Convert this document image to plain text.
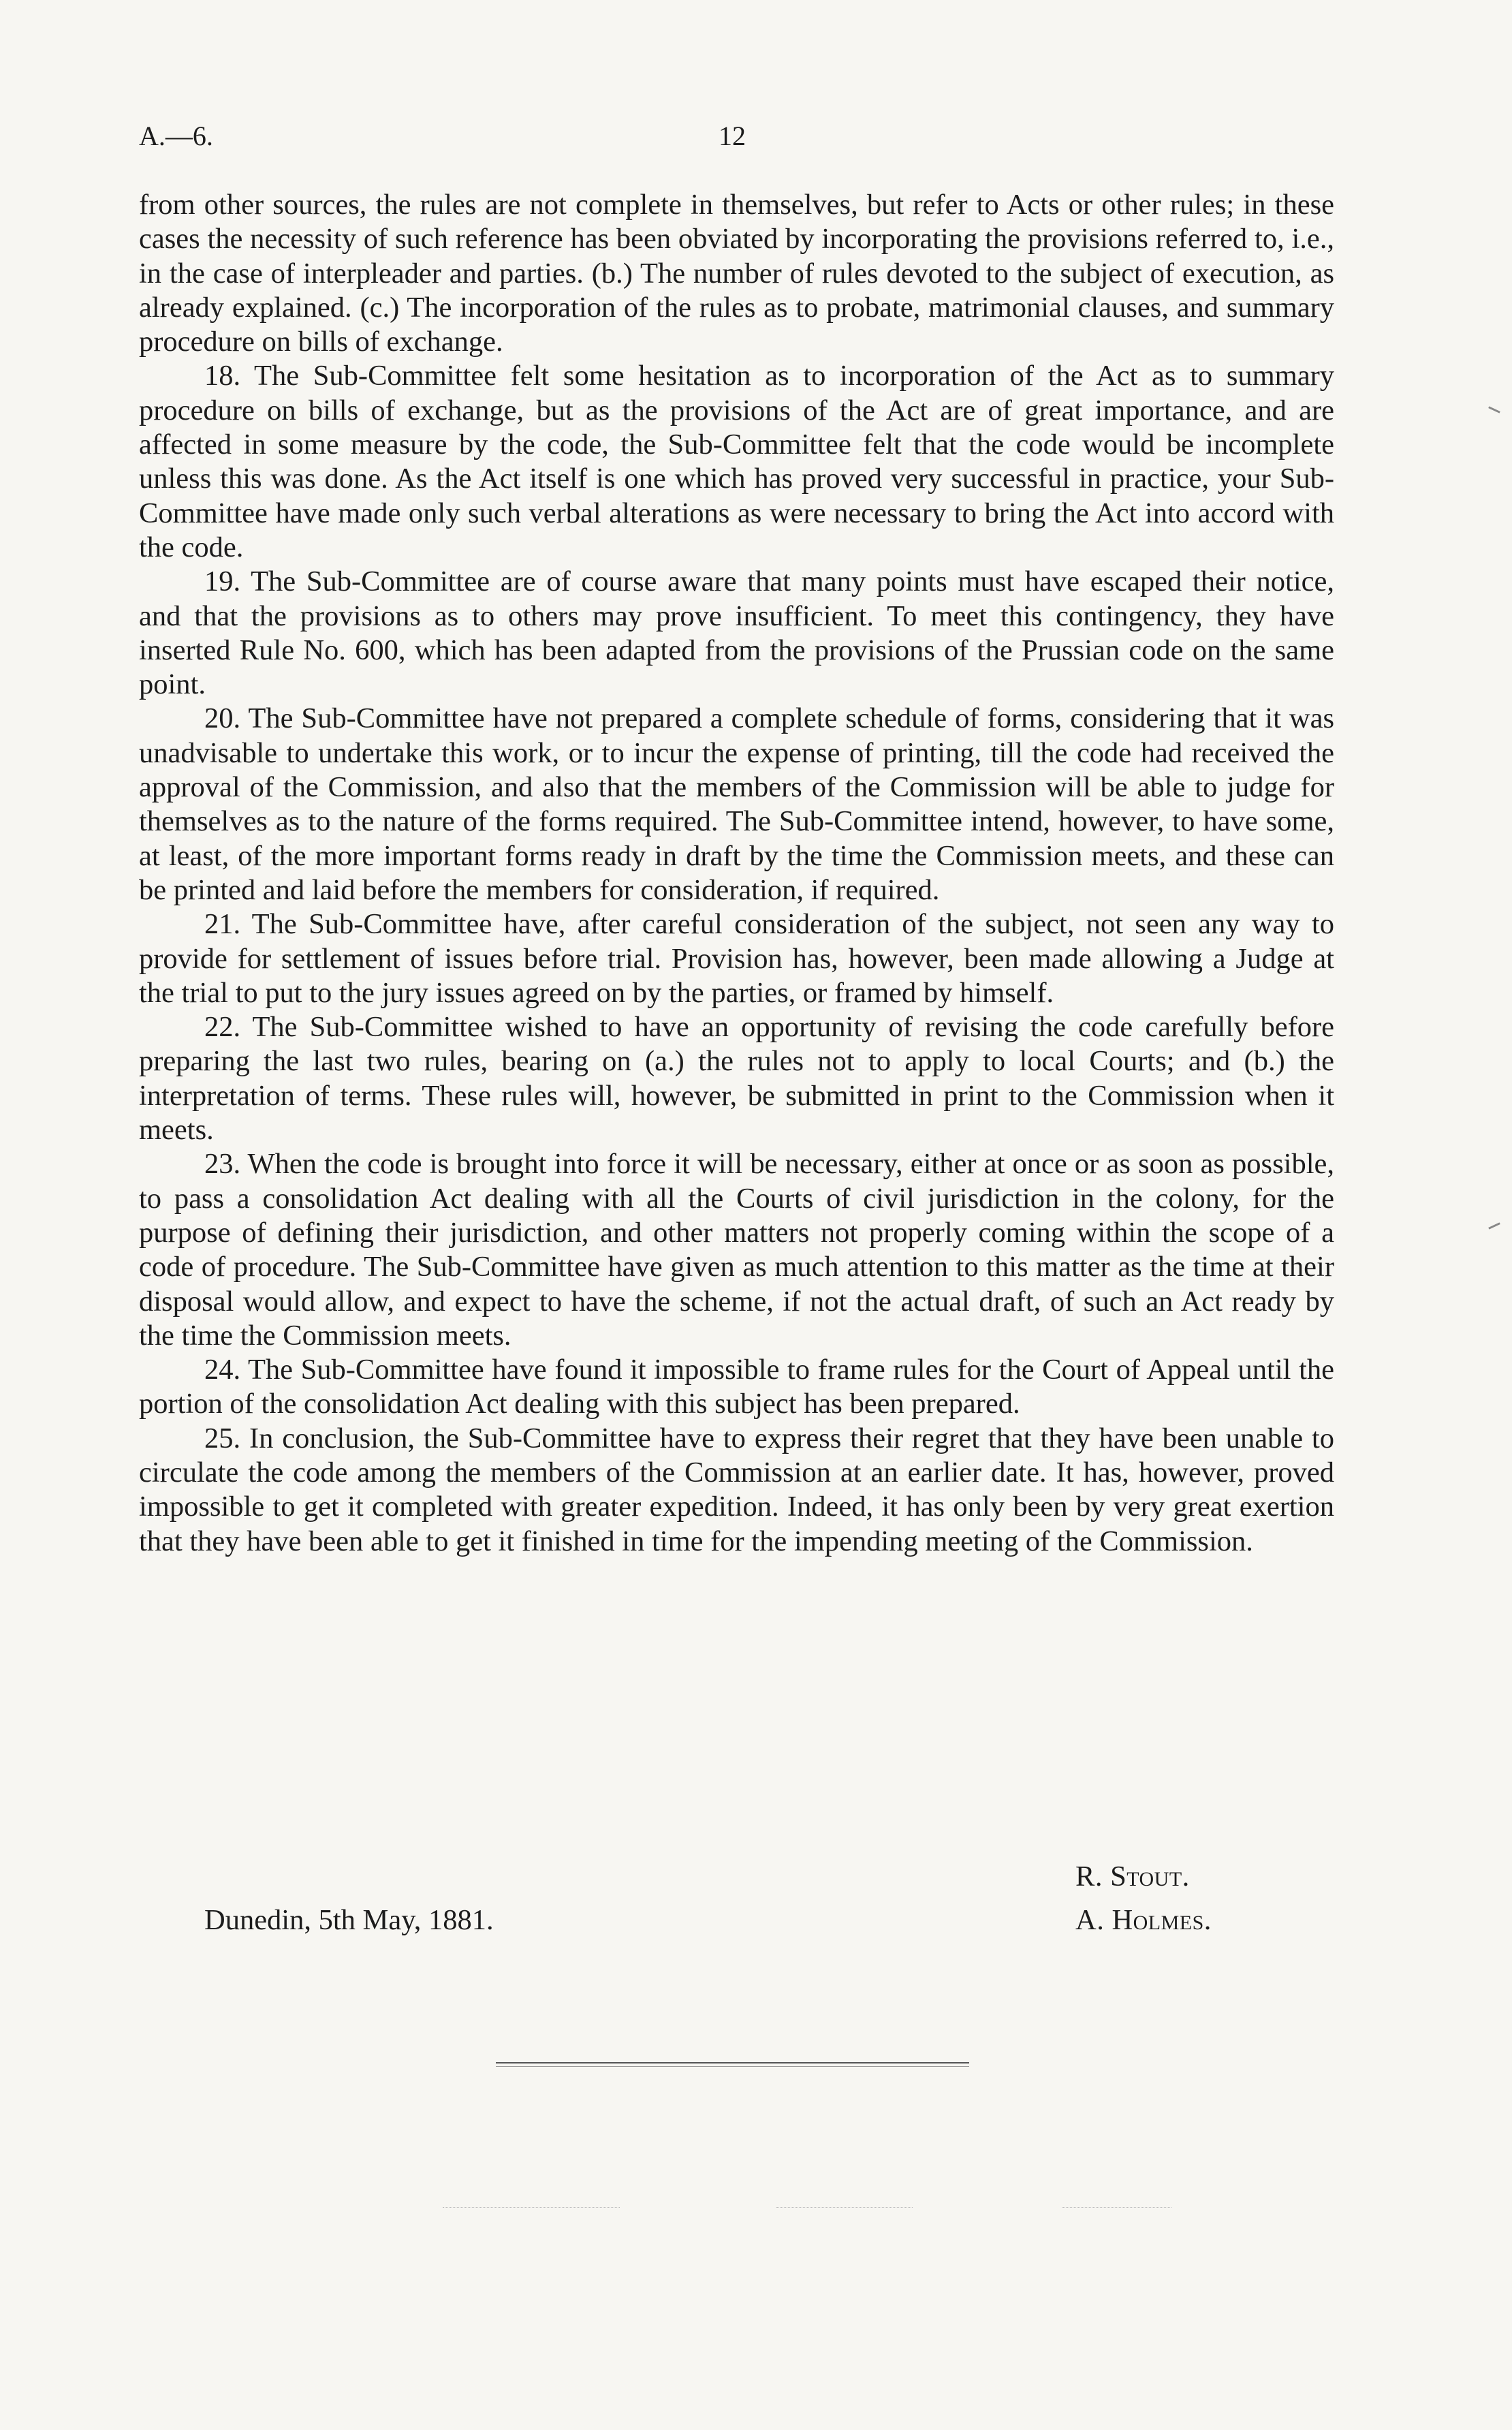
A.—6.	12

from other sources, the rules are not complete in themselves, but refer to Acts or other rules; in these cases the necessity of such reference has been obviated by incorporating the provisions referred to, i.e., in the case of interpleader and parties. (b.) The number of rules devoted to the subject of execution, as already explained. (c.) The incorporation of the rules as to probate, matrimonial clauses, and summary procedure on bills of exchange.

18. The Sub-Committee felt some hesitation as to incorporation of the Act as to summary procedure on bills of exchange, but as the provisions of the Act are of great importance, and are affected in some measure by the code, the Sub-Committee felt that the code would be incomplete unless this was done. As the Act itself is one which has proved very successful in practice, your Sub-Committee have made only such verbal alterations as were necessary to bring the Act into accord with the code.

19. The Sub-Committee are of course aware that many points must have escaped their notice, and that the provisions as to others may prove insufficient. To meet this contingency, they have inserted Rule No. 600, which has been adapted from the provisions of the Prussian code on the same point.

20. The Sub-Committee have not prepared a complete schedule of forms, considering that it was unadvisable to undertake this work, or to incur the expense of printing, till the code had received the approval of the Commission, and also that the members of the Commission will be able to judge for themselves as to the nature of the forms required. The Sub-Committee intend, however, to have some, at least, of the more important forms ready in draft by the time the Commission meets, and these can be printed and laid before the members for consideration, if required.

21. The Sub-Committee have, after careful consideration of the subject, not seen any way to provide for settlement of issues before trial. Provision has, however, been made allowing a Judge at the trial to put to the jury issues agreed on by the parties, or framed by himself.

22. The Sub-Committee wished to have an opportunity of revising the code carefully before preparing the last two rules, bearing on (a.) the rules not to apply to local Courts; and (b.) the interpretation of terms. These rules will, however, be submitted in print to the Commission when it meets.

23. When the code is brought into force it will be necessary, either at once or as soon as possible, to pass a consolidation Act dealing with all the Courts of civil jurisdiction in the colony, for the purpose of defining their jurisdiction, and other matters not properly coming within the scope of a code of procedure. The Sub-Committee have given as much attention to this matter as the time at their disposal would allow, and expect to have the scheme, if not the actual draft, of such an Act ready by the time the Commission meets.

24. The Sub-Committee have found it impossible to frame rules for the Court of Appeal until the portion of the consolidation Act dealing with this subject has been prepared.

25. In conclusion, the Sub-Committee have to express their regret that they have been unable to circulate the code among the members of the Commission at an earlier date. It has, however, proved impossible to get it completed with greater expedition. Indeed, it has only been by very great exertion that they have been able to get it finished in time for the impending meeting of the Commission.

R. Stout.
Dunedin, 5th May, 1881.	A. Holmes.
